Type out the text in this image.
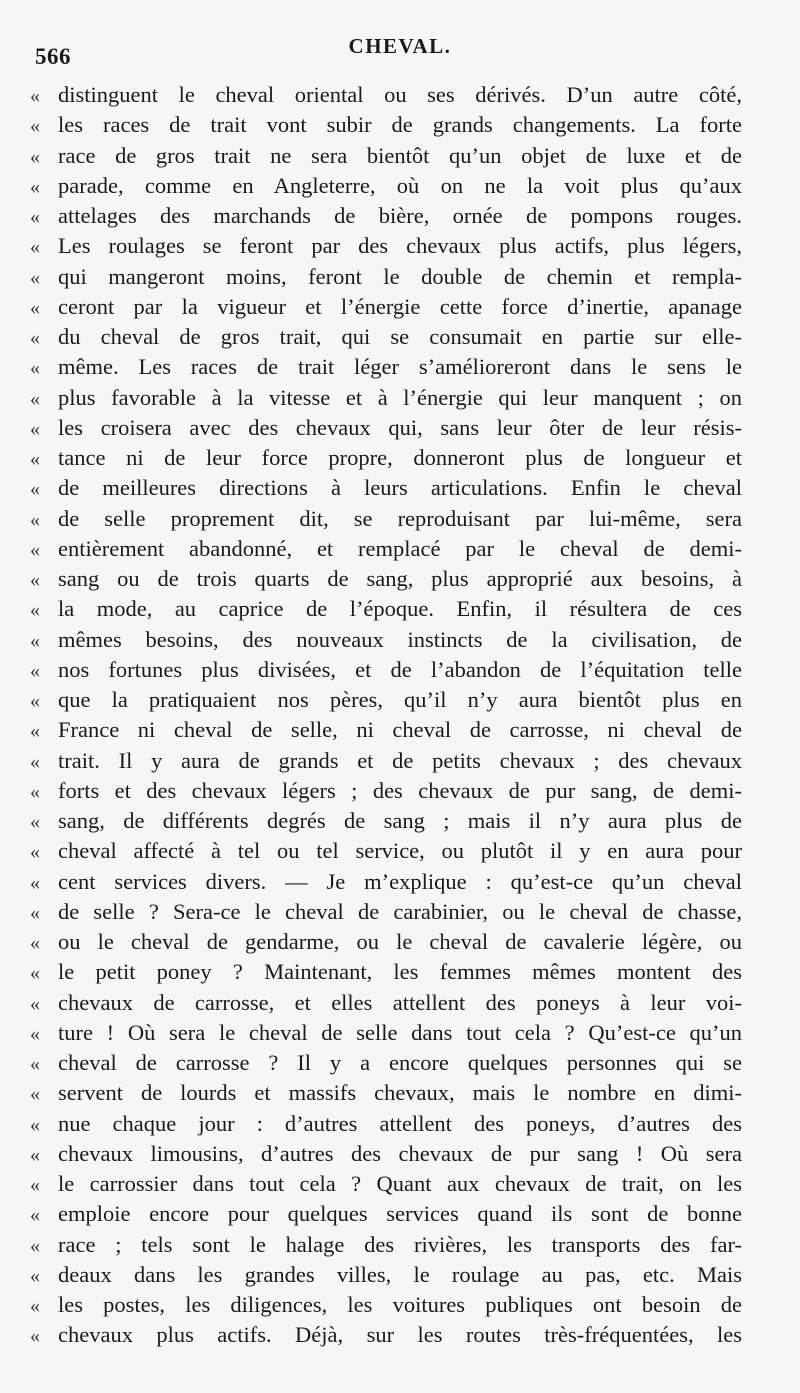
566	CHEVAL.
« distinguent le cheval oriental ou ses dérivés. D’un autre côté,
« les races de trait vont subir de grands changements. La forte
« race de gros trait ne sera bientôt qu’un objet de luxe et de
« parade, comme en Angleterre, où on ne la voit plus qu’aux
« attelages des marchands de bière, ornée de pompons rouges.
« Les roulages se feront par des chevaux plus actifs, plus légers,
« qui mangeront moins, feront le double de chemin et rempla-
« ceront par la vigueur et l’énergie cette force d’inertie, apanage
« du cheval de gros trait, qui se consumait en partie sur elle-
« même. Les races de trait léger s’amélioreront dans le sens le
« plus favorable à la vitesse et à l’énergie qui leur manquent ; on
« les croisera avec des chevaux qui, sans leur ôter de leur résis-
« tance ni de leur force propre, donneront plus de longueur et
« de meilleures directions à leurs articulations. Enfin le cheval
« de selle proprement dit, se reproduisant par lui-même, sera
« entièrement abandonné, et remplacé par le cheval de demi-
« sang ou de trois quarts de sang, plus approprié aux besoins, à
« la mode, au caprice de l’époque. Enfin, il résultera de ces
« mêmes besoins, des nouveaux instincts de la civilisation, de
« nos fortunes plus divisées, et de l’abandon de l’équitation telle
« que la pratiquaient nos pères, qu’il n’y aura bientôt plus en
« France ni cheval de selle, ni cheval de carrosse, ni cheval de
« trait. Il y aura de grands et de petits chevaux ; des chevaux
« forts et des chevaux légers ; des chevaux de pur sang, de demi-
« sang, de différents degrés de sang ; mais il n’y aura plus de
« cheval affecté à tel ou tel service, ou plutôt il y en aura pour
« cent services divers. — Je m’explique : qu’est-ce qu’un cheval
« de selle ? Sera-ce le cheval de carabinier, ou le cheval de chasse,
« ou le cheval de gendarme, ou le cheval de cavalerie légère, ou
« le petit poney ? Maintenant, les femmes mêmes montent des
« chevaux de carrosse, et elles attellent des poneys à leur voi-
« ture ! Où sera le cheval de selle dans tout cela ? Qu’est-ce qu’un
« cheval de carrosse ? Il y a encore quelques personnes qui se
« servent de lourds et massifs chevaux, mais le nombre en dimi-
« nue chaque jour : d’autres attellent des poneys, d’autres des
« chevaux limousins, d’autres des chevaux de pur sang ! Où sera
« le carrossier dans tout cela ? Quant aux chevaux de trait, on les
« emploie encore pour quelques services quand ils sont de bonne
« race ; tels sont le halage des rivières, les transports des far-
« deaux dans les grandes villes, le roulage au pas, etc. Mais
« les postes, les diligences, les voitures publiques ont besoin de
« chevaux plus actifs. Déjà, sur les routes très-fréquentées, les
